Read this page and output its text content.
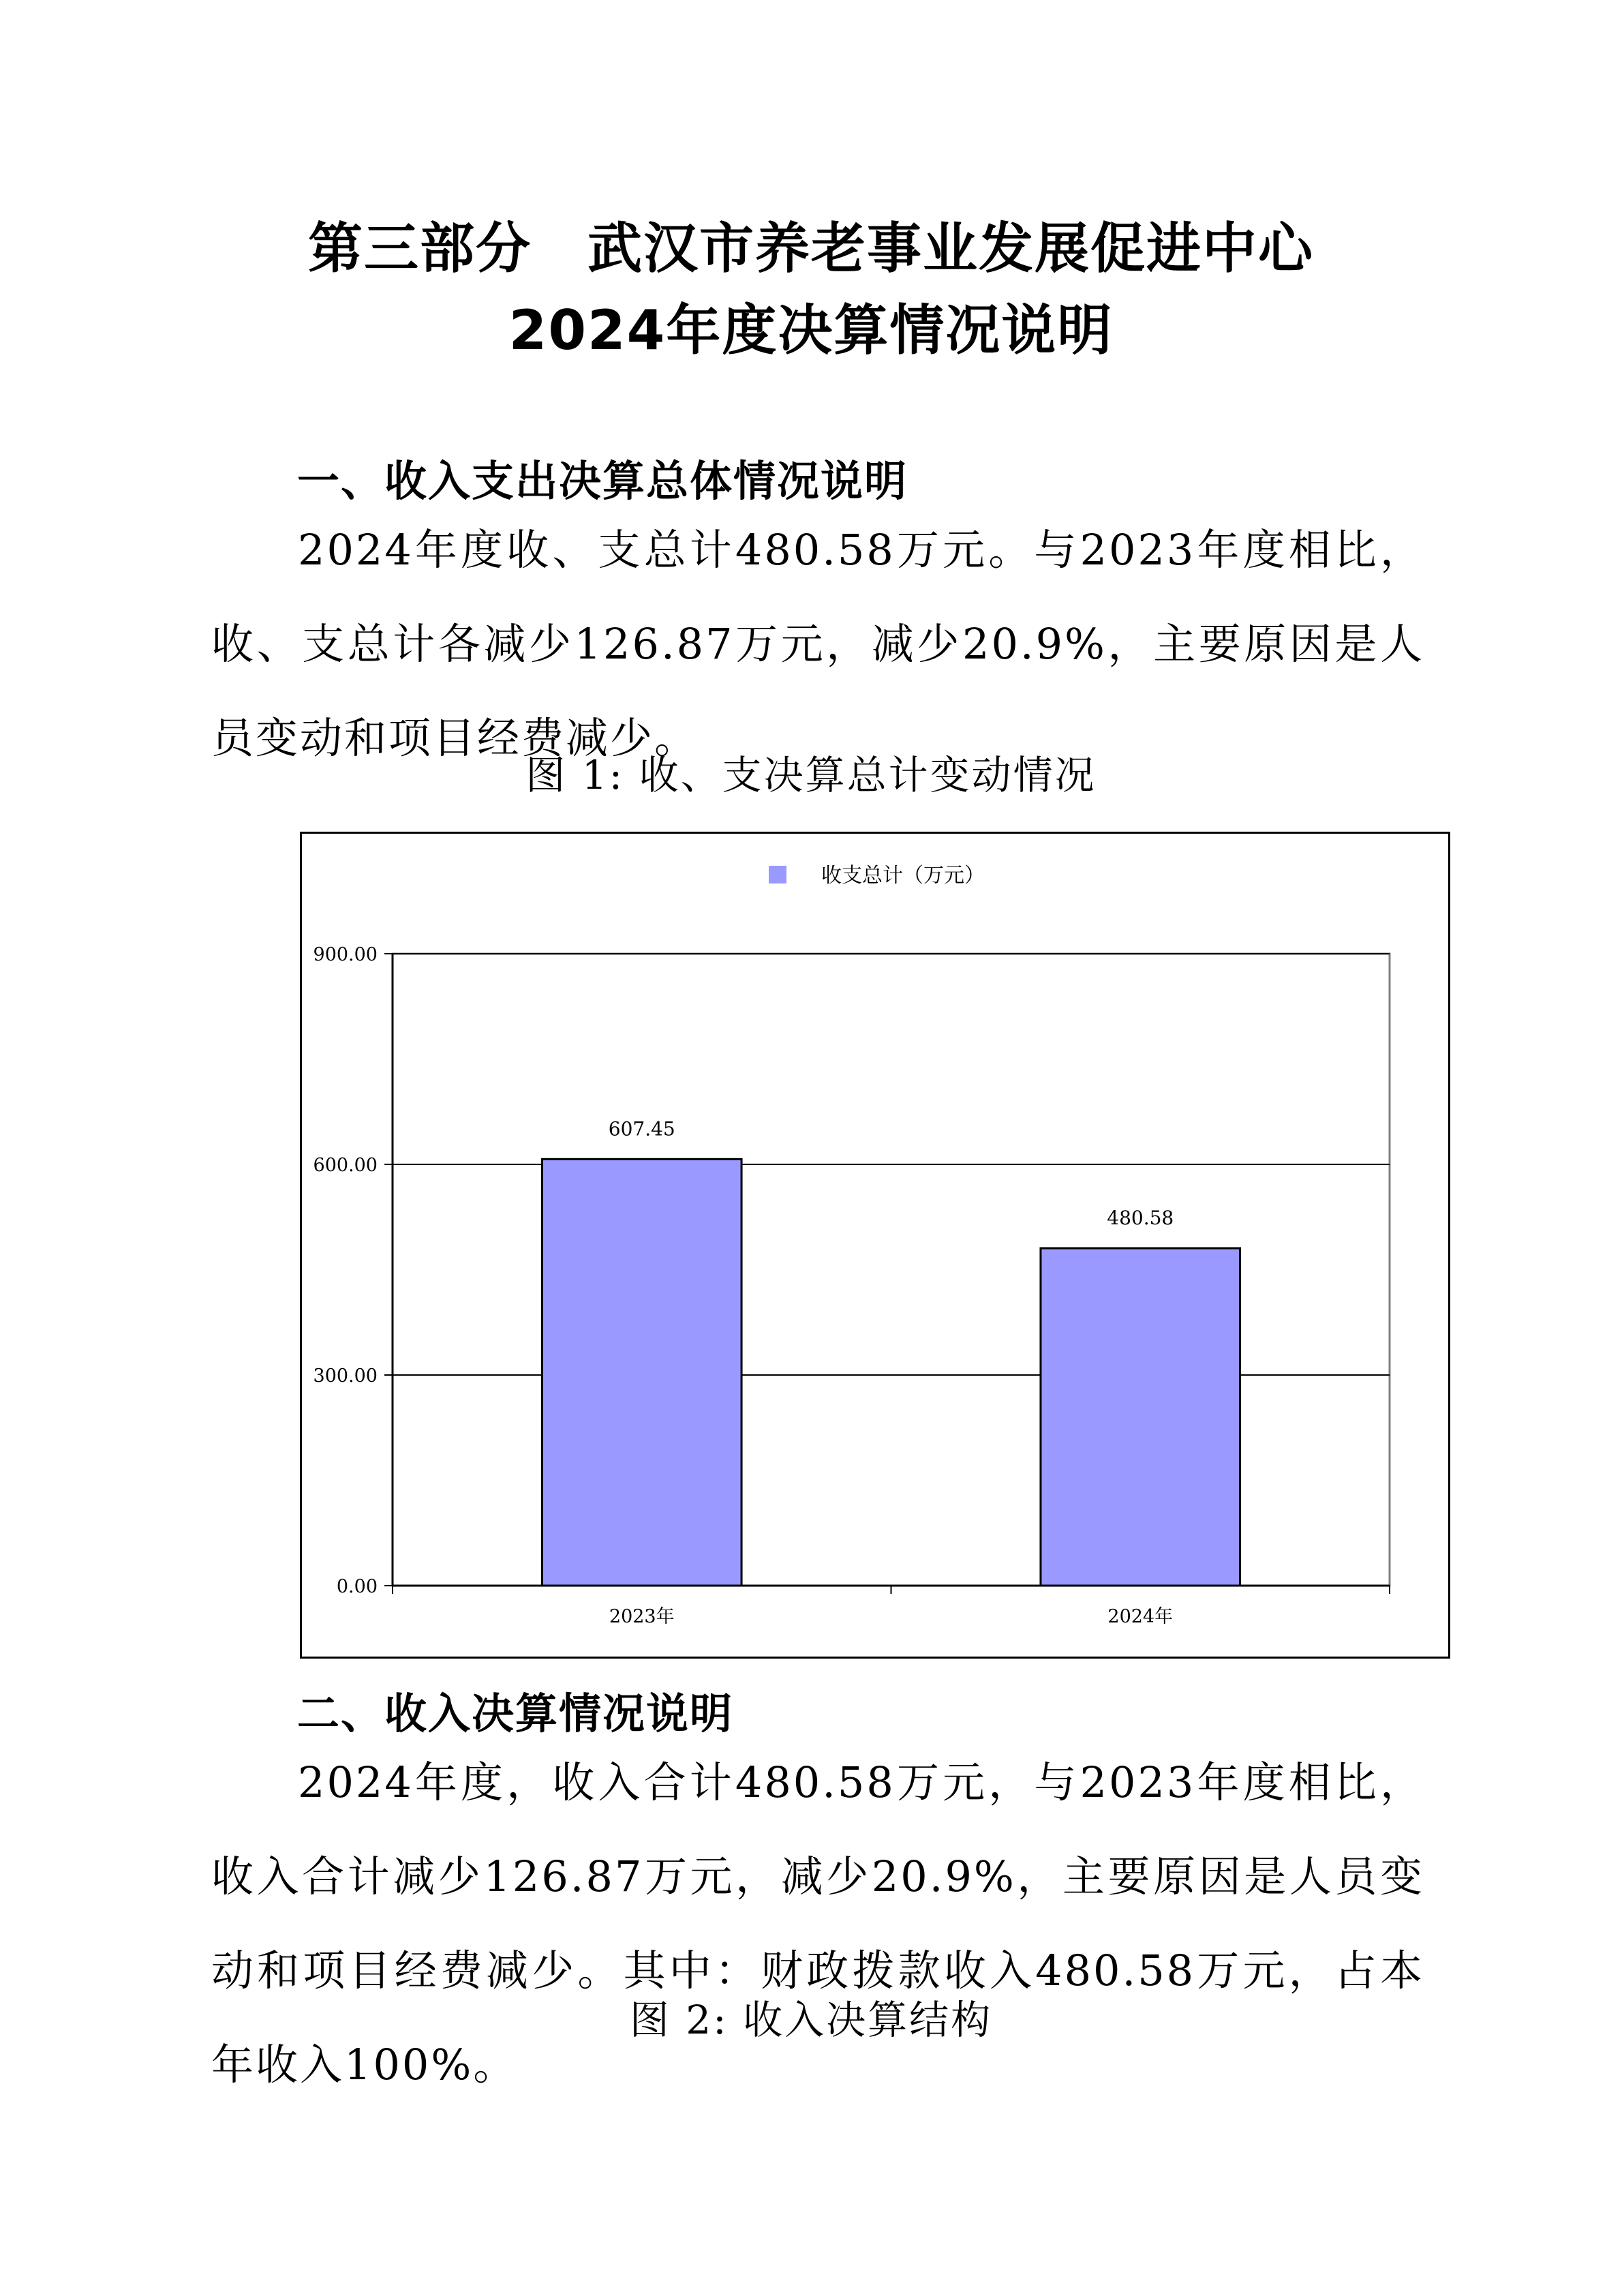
第三部分　武汉市养老事业发展促进中心
2024年度决算情况说明
一、收入支出决算总体情况说明
2024年度收、支总计480.58万元。与2023年度相比，收、支总计各减少126.87万元，减少20.9%，主要原因是人员变动和项目经费减少。
图 1: 收、支决算总计变动情况
收支总计（万元）
0.00
300.00
600.00
900.00
2023年	2024年
607.45
480.58
二、收入决算情况说明
2024年度，收入合计480.58万元，与2023年度相比，收入合计减少126.87万元，减少20.9%，主要原因是人员变动和项目经费减少。其中：财政拨款收入480.58万元，占本年收入100%。
图 2: 收入决算结构
